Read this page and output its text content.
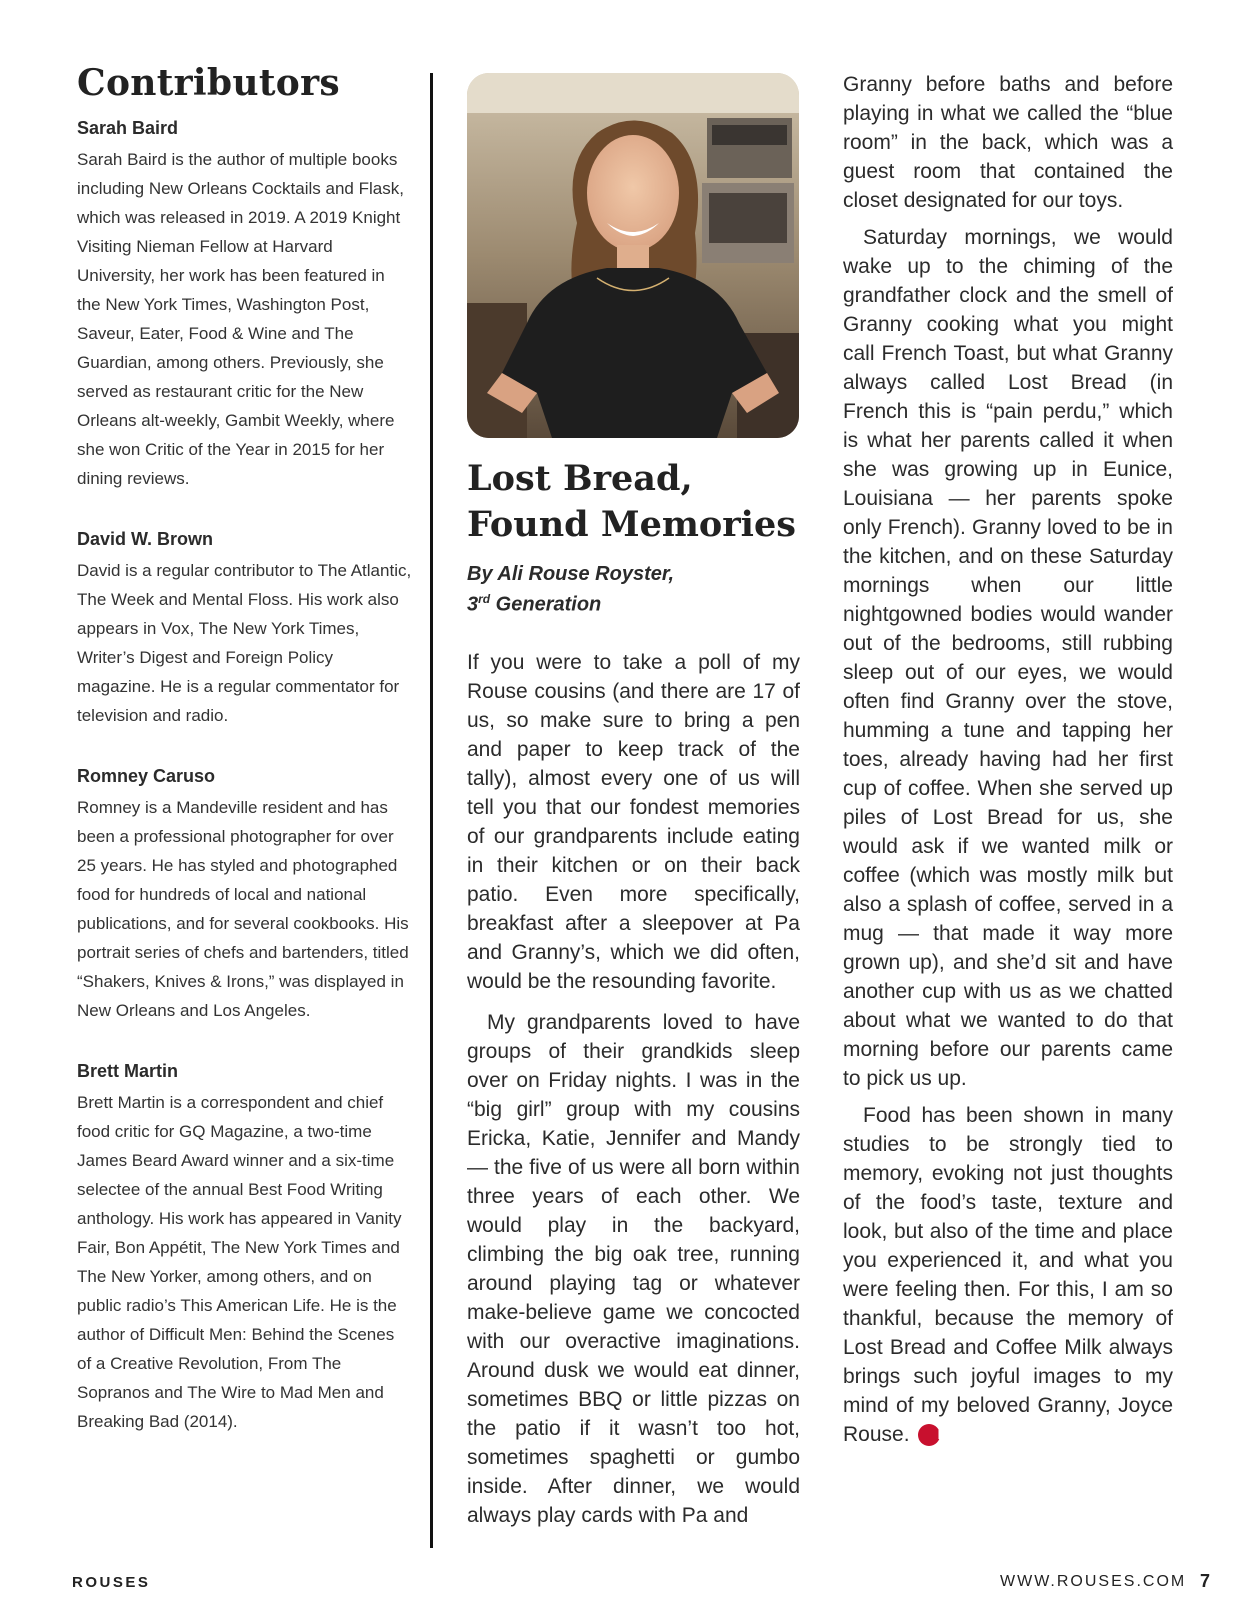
Contributors

Sarah Baird

Sarah Baird is the author of multiple books including New Orleans Cocktails and Flask, which was released in 2019. A 2019 Knight Visiting Nieman Fellow at Harvard University, her work has been featured in the New York Times, Washington Post, Saveur, Eater, Food & Wine and The Guardian, among others. Previously, she served as restaurant critic for the New Orleans alt-weekly, Gambit Weekly, where she won Critic of the Year in 2015 for her dining reviews.

David W. Brown

David is a regular contributor to The Atlantic, The Week and Mental Floss. His work also appears in Vox, The New York Times, Writer’s Digest and Foreign Policy magazine. He is a regular commentator for television and radio.

Romney Caruso

Romney is a Mandeville resident and has been a professional photographer for over 25 years. He has styled and photographed food for hundreds of local and national publications, and for several cookbooks. His portrait series of chefs and bartenders, titled “Shakers, Knives & Irons,” was displayed in New Orleans and Los Angeles.

Brett Martin

Brett Martin is a correspondent and chief food critic for GQ Magazine, a two-time James Beard Award winner and a six-time selectee of the annual Best Food Writing anthology. His work has appeared in Vanity Fair, Bon Appétit, The New York Times and The New Yorker, among others, and on public radio’s This American Life. He is the author of Difficult Men: Behind the Scenes of a Creative Revolution, From The Sopranos and The Wire to Mad Men and Breaking Bad (2014).

Lost Bread,
Found Memories

By Ali Rouse Royster,
3rd Generation

If you were to take a poll of my Rouse cousins (and there are 17 of us, so make sure to bring a pen and paper to keep track of the tally), almost every one of us will tell you that our fondest memories of our grandparents include eating in their kitchen or on their back patio. Even more specifically, breakfast after a sleepover at Pa and Granny’s, which we did often, would be the resounding favorite.

My grandparents loved to have groups of their grandkids sleep over on Friday nights. I was in the “big girl” group with my cousins Ericka, Katie, Jennifer and Mandy — the five of us were all born within three years of each other. We would play in the backyard, climbing the big oak tree, running around playing tag or whatever make-believe game we concocted with our overactive imaginations. Around dusk we would eat dinner, sometimes BBQ or little pizzas on the patio if it wasn’t too hot, sometimes spaghetti or gumbo inside. After dinner, we would always play cards with Pa and

Granny before baths and before playing in what we called the “blue room” in the back, which was a guest room that contained the closet designated for our toys.

Saturday mornings, we would wake up to the chiming of the grandfather clock and the smell of Granny cooking what you might call French Toast, but what Granny always called Lost Bread (in French this is “pain perdu,” which is what her parents called it when she was growing up in Eunice, Louisiana — her parents spoke only French). Granny loved to be in the kitchen, and on these Saturday mornings when our little nightgowned bodies would wander out of the bedrooms, still rubbing sleep out of our eyes, we would often find Granny over the stove, humming a tune and tapping her toes, already having had her first cup of coffee. When she served up piles of Lost Bread for us, she would ask if we wanted milk or coffee (which was mostly milk but also a splash of coffee, served in a mug — that made it way more grown up), and she’d sit and have another cup with us as we chatted about what we wanted to do that morning before our parents came to pick us up.

Food has been shown in many studies to be strongly tied to memory, evoking not just thoughts of the food’s taste, texture and look, but also of the time and place you experienced it, and what you were feeling then. For this, I am so thankful, because the memory of Lost Bread and Coffee Milk always brings such joyful images to my mind of my beloved Granny, Joyce Rouse. R

ROUSES	WWW.ROUSES.COM 7
